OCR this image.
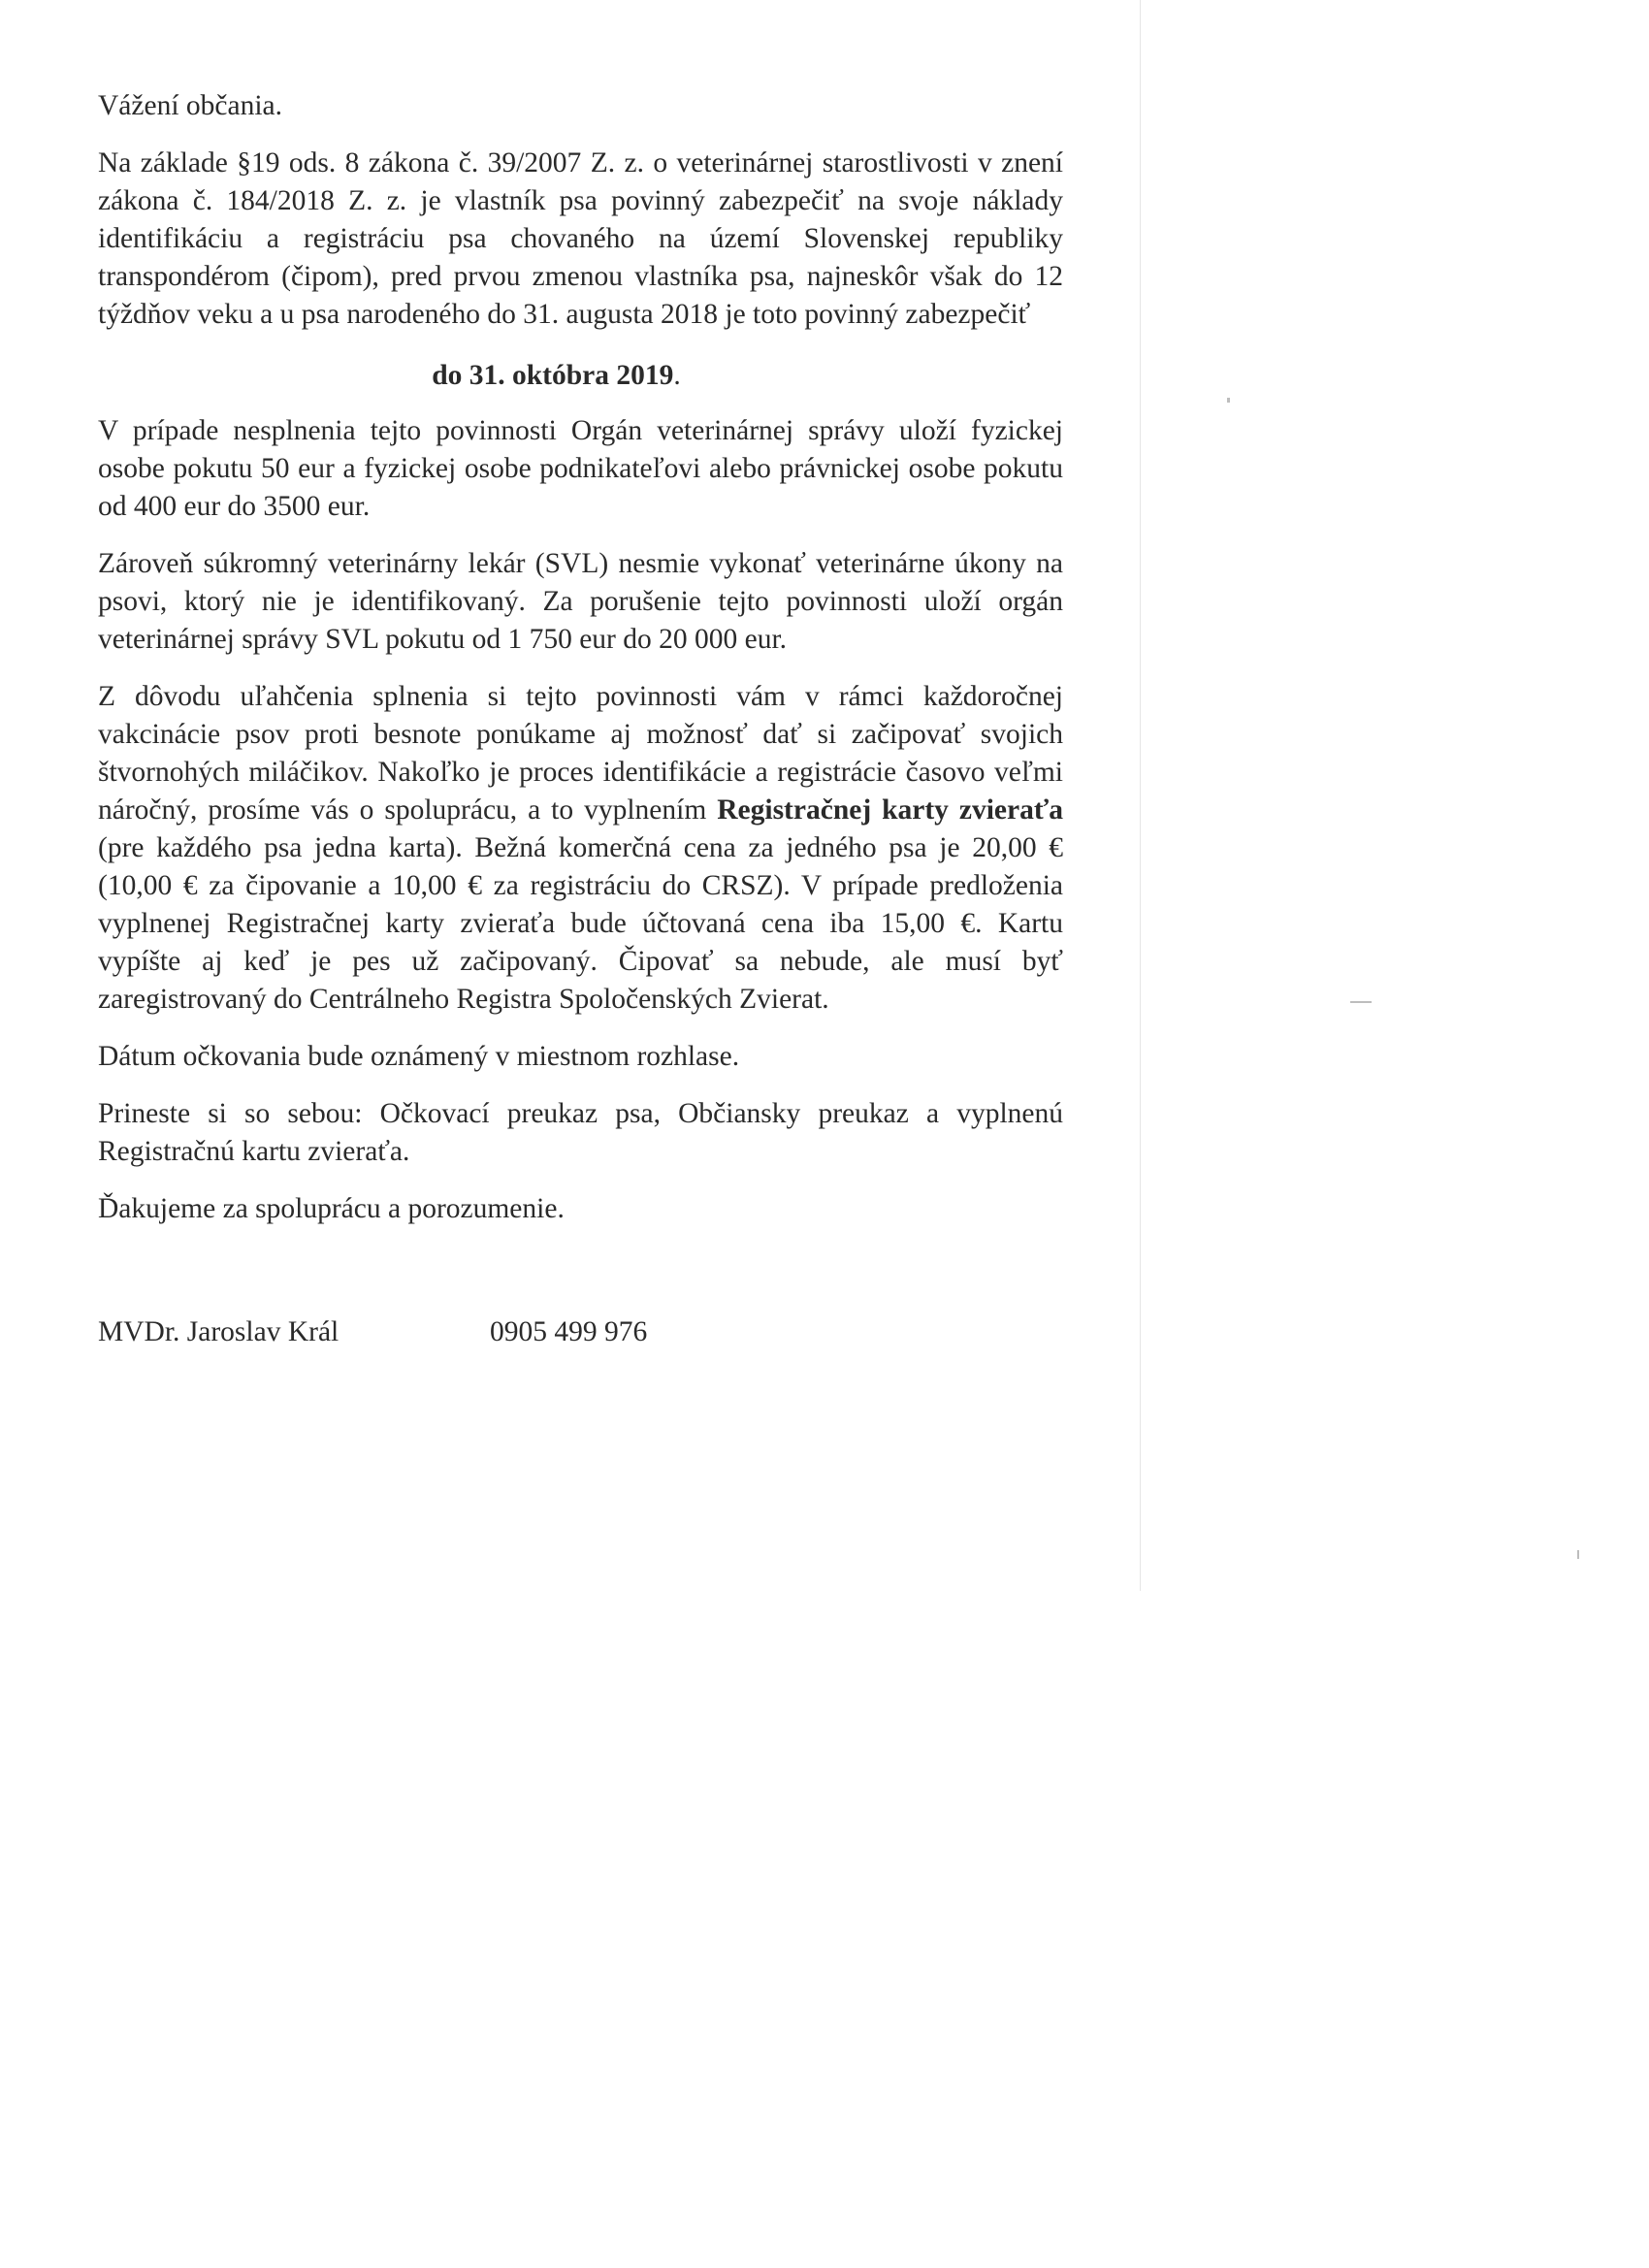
Vážení občania.

Na základe §19 ods. 8 zákona č. 39/2007 Z. z. o veterinárnej starostlivosti v znení zákona č. 184/2018 Z. z. je vlastník psa povinný zabezpečiť na svoje náklady identifikáciu a registráciu psa chovaného na území Slovenskej republiky transpondérom (čipom), pred prvou zmenou vlastníka psa, najneskôr však do 12 týždňov veku a u psa narodeného do 31. augusta 2018 je toto povinný zabezpečiť

do 31. októbra 2019.

V prípade nesplnenia tejto povinnosti Orgán veterinárnej správy uloží fyzickej osobe pokutu 50 eur a fyzickej osobe podnikateľovi alebo právnickej osobe pokutu od 400 eur do 3500 eur.

Zároveň súkromný veterinárny lekár (SVL) nesmie vykonať veterinárne úkony na psovi, ktorý nie je identifikovaný. Za porušenie tejto povinnosti uloží orgán veterinárnej správy SVL pokutu od 1 750 eur do 20 000 eur.

Z dôvodu uľahčenia splnenia si tejto povinnosti vám v rámci každoročnej vakcinácie psov proti besnote ponúkame aj možnosť dať si začipovať svojich štvornohých miláčikov. Nakoľko je proces identifikácie a registrácie časovo veľmi náročný, prosíme vás o spoluprácu, a to vyplnením Registračnej karty zvieraťa (pre každého psa jedna karta). Bežná komerčná cena za jedného psa je 20,00 € (10,00 € za čipovanie a 10,00 € za registráciu do CRSZ). V prípade predloženia vyplnenej Registračnej karty zvieraťa bude účtovaná cena iba 15,00 €. Kartu vypíšte aj keď je pes už začipovaný. Čipovať sa nebude, ale musí byť zaregistrovaný do Centrálneho Registra Spoločenských Zvierat.

Dátum očkovania bude oznámený v miestnom rozhlase.

Prineste si so sebou: Očkovací preukaz psa, Občiansky preukaz a vyplnenú Registračnú kartu zvieraťa.

Ďakujeme za spoluprácu a porozumenie.

MVDr. Jaroslav Král	0905 499 976
